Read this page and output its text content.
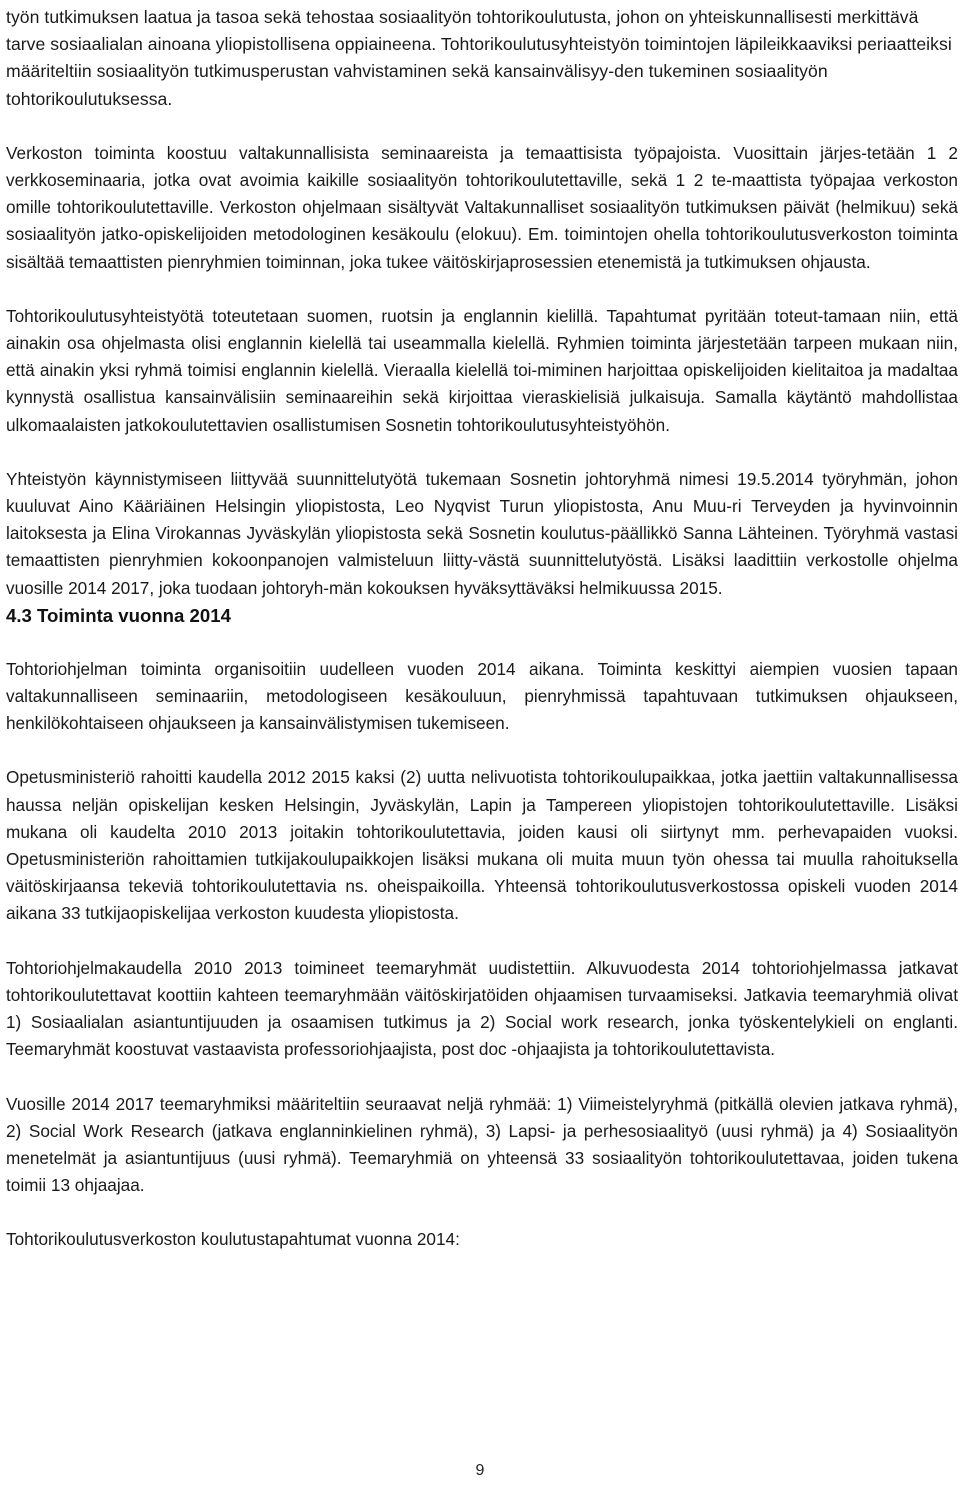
työn tutkimuksen laatua ja tasoa sekä tehostaa sosiaalityön tohtorikoulutusta, johon on yhteiskunnallisesti merkittävä tarve sosiaalialan ainoana yliopistollisena oppiaineena. Tohtorikoulutusyhteistyön toimintojen läpileikkaaviksi periaatteiksi määriteltiin sosiaalityön tutkimusperustan vahvistaminen sekä kansainvälisyy-den tukeminen sosiaalityön tohtorikoulutuksessa.

Verkoston toiminta koostuu valtakunnallisista seminaareista ja temaattisista työpajoista. Vuosittain järjes-tetään 1 2 verkkoseminaaria, jotka ovat avoimia kaikille sosiaalityön tohtorikoulutettaville, sekä 1 2 te-maattista työpajaa verkoston omille tohtorikoulutettaville. Verkoston ohjelmaan sisältyvät Valtakunnalliset sosiaalityön tutkimuksen päivät (helmikuu) sekä sosiaalityön jatko-opiskelijoiden metodologinen kesäkoulu (elokuu). Em. toimintojen ohella tohtorikoulutusverkoston toiminta sisältää temaattisten pienryhmien toiminnan, joka tukee väitöskirjaprosessien etenemistä ja tutkimuksen ohjausta.

Tohtorikoulutusyhteistyötä toteutetaan suomen, ruotsin ja englannin kielillä. Tapahtumat pyritään toteut-tamaan niin, että ainakin osa ohjelmasta olisi englannin kielellä tai useammalla kielellä. Ryhmien toiminta järjestetään tarpeen mukaan niin, että ainakin yksi ryhmä toimisi englannin kielellä. Vieraalla kielellä toi-miminen harjoittaa opiskelijoiden kielitaitoa ja madaltaa kynnystä osallistua kansainvälisiin seminaareihin sekä kirjoittaa vieraskielisiä julkaisuja. Samalla käytäntö mahdollistaa ulkomaalaisten jatkokoulutettavien osallistumisen Sosnetin tohtorikoulutusyhteistyöhön.

Yhteistyön käynnistymiseen liittyvää suunnittelutyötä tukemaan Sosnetin johtoryhmä nimesi 19.5.2014 työryhmän, johon kuuluvat Aino Kääriäinen Helsingin yliopistosta, Leo Nyqvist Turun yliopistosta, Anu Muu-ri Terveyden ja hyvinvoinnin laitoksesta ja Elina Virokannas Jyväskylän yliopistosta sekä Sosnetin koulutus-päällikkö Sanna Lähteinen. Työryhmä vastasi temaattisten pienryhmien kokoonpanojen valmisteluun liitty-västä suunnittelutyöstä. Lisäksi laadittiin verkostolle ohjelma vuosille 2014 2017, joka tuodaan johtoryh-män kokouksen hyväksyttäväksi helmikuussa 2015.

4.3 Toiminta vuonna 2014

Tohtoriohjelman toiminta organisoitiin uudelleen vuoden 2014 aikana. Toiminta keskittyi aiempien vuosien tapaan valtakunnalliseen seminaariin, metodologiseen kesäkouluun, pienryhmissä tapahtuvaan tutkimuksen ohjaukseen, henkilökohtaiseen ohjaukseen ja kansainvälistymisen tukemiseen.

Opetusministeriö rahoitti kaudella 2012 2015 kaksi (2) uutta nelivuotista tohtorikoulupaikkaa, jotka jaettiin valtakunnallisessa haussa neljän opiskelijan kesken Helsingin, Jyväskylän, Lapin ja Tampereen yliopistojen tohtorikoulutettaville. Lisäksi mukana oli kaudelta 2010 2013 joitakin tohtorikoulutettavia, joiden kausi oli siirtynyt mm. perhevapaiden vuoksi. Opetusministeriön rahoittamien tutkijakoulupaikkojen lisäksi mukana oli muita muun työn ohessa tai muulla rahoituksella väitöskirjaansa tekeviä tohtorikoulutettavia ns. oheispaikoilla. Yhteensä tohtorikoulutusverkostossa opiskeli vuoden 2014 aikana 33 tutkijaopiskelijaa verkoston kuudesta yliopistosta.

Tohtoriohjelmakaudella 2010 2013 toimineet teemaryhmät uudistettiin. Alkuvuodesta 2014 tohtoriohjelmassa jatkavat tohtorikoulutettavat koottiin kahteen teemaryhmään väitöskirjatöiden ohjaamisen turvaamiseksi. Jatkavia teemaryhmiä olivat 1) Sosiaalialan asiantuntijuuden ja osaamisen tutkimus ja 2) Social work research, jonka työskentelykieli on englanti. Teemaryhmät koostuvat vastaavista professoriohjaajista, post doc -ohjaajista ja tohtorikoulutettavista.

Vuosille 2014 2017 teemaryhmiksi määriteltiin seuraavat neljä ryhmää: 1) Viimeistelyryhmä (pitkällä olevien jatkava ryhmä), 2) Social Work Research (jatkava englanninkielinen ryhmä), 3) Lapsi- ja perhesosiaalityö (uusi ryhmä) ja 4) Sosiaalityön menetelmät ja asiantuntijuus (uusi ryhmä). Teemaryhmiä on yhteensä 33 sosiaalityön tohtorikoulutettavaa, joiden tukena toimii 13 ohjaajaa.

Tohtorikoulutusverkoston koulutustapahtumat vuonna 2014:

9
